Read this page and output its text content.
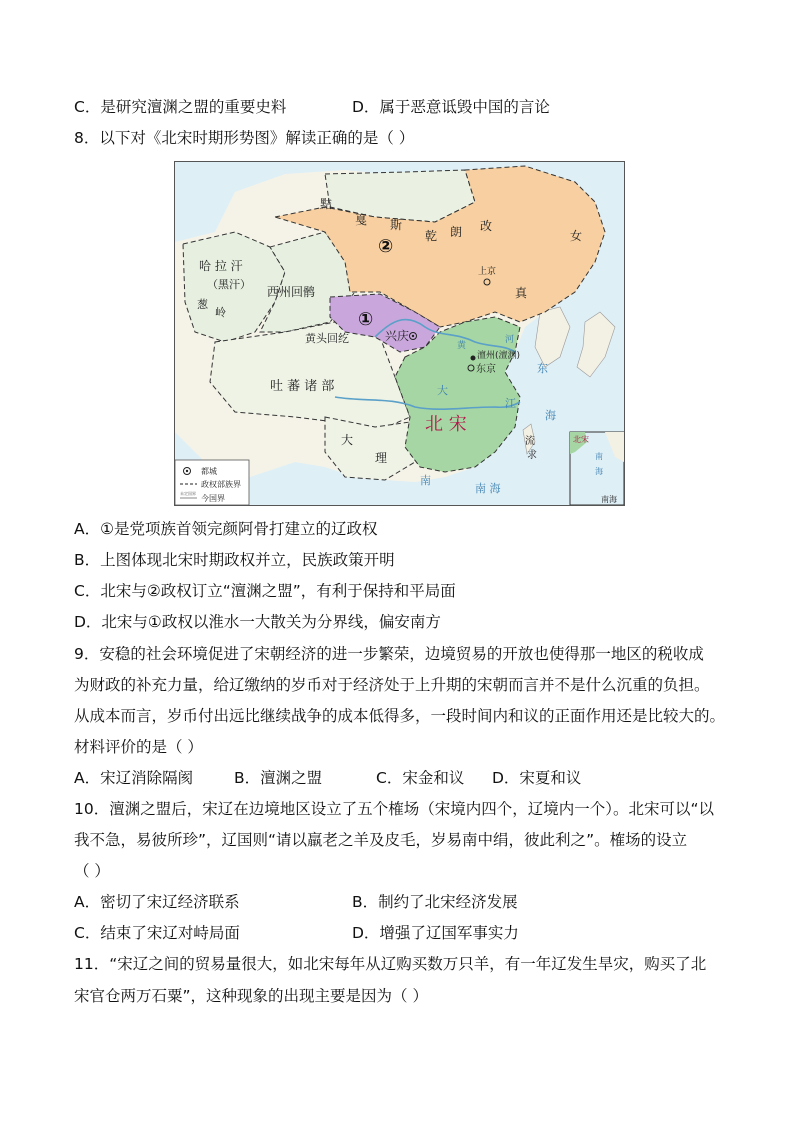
C．是研究澶渊之盟的重要史料	D．属于恶意诋毁中国的言论
8．以下对《北宋时期形势图》解读正确的是（ ）
黠
戛 斯
乾 朗 改
女
真
②
①
上京
哈 拉 汗
（黑汗）
西州回鹘
葱
岭
兴庆
黄头回纥
吐 蕃 诸 部
澶州(澶渊)
东京
北 宋
大
理
黄
河
东
海
大
江
流
求
南
南 海
北宋
南
海
南海
都城
政权部族界
未定国界
今国界
A．①是党项族首领完颜阿骨打建立的辽政权
B．上图体现北宋时期政权并立，民族政策开明
C．北宋与②政权订立“澶渊之盟”，有利于保持和平局面
D．北宋与①政权以淮水一大散关为分界线，偏安南方
9．安稳的社会环境促进了宋朝经济的进一步繁荣，边境贸易的开放也使得那一地区的税收成
为财政的补充力量，给辽缴纳的岁币对于经济处于上升期的宋朝而言并不是什么沉重的负担。
从成本而言，岁币付出远比继续战争的成本低得多，一段时间内和议的正面作用还是比较大的。
材料评价的是（ ）
A．宋辽消除隔阂	B．澶渊之盟	C．宋金和议 D．宋夏和议
10．澶渊之盟后，宋辽在边境地区设立了五个榷场（宋境内四个，辽境内一个）。北宋可以“以
我不急，易彼所珍”，辽国则“请以羸老之羊及皮毛，岁易南中绢，彼此利之”。榷场的设立
（ ）
A．密切了宋辽经济联系	B．制约了北宋经济发展
C．结束了宋辽对峙局面	D．增强了辽国军事实力
11．“宋辽之间的贸易量很大，如北宋每年从辽购买数万只羊，有一年辽发生旱灾，购买了北
宋官仓两万石粟”，这种现象的出现主要是因为（ ）
